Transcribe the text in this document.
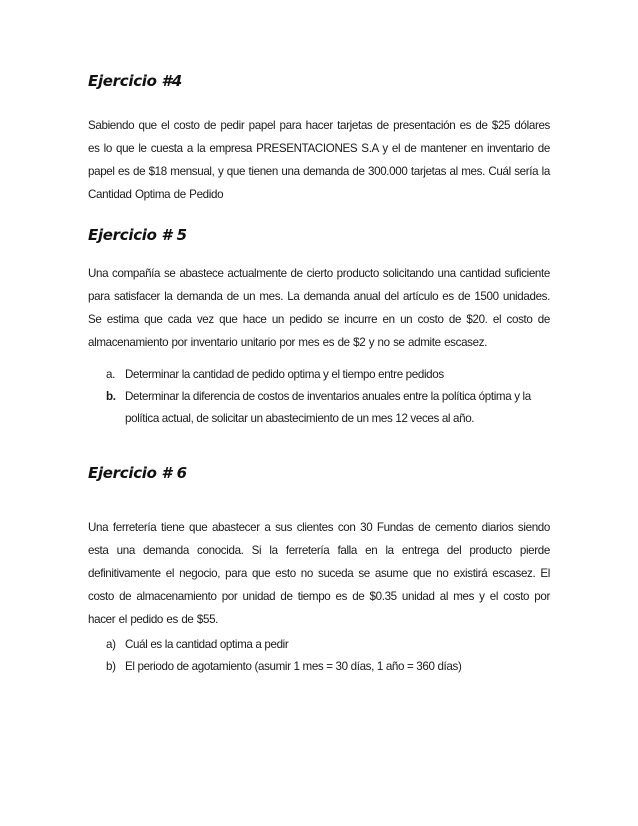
Ejercicio #4

Sabiendo que el costo de pedir papel para hacer tarjetas de presentación es de $25 dólares es lo que le cuesta a la empresa PRESENTACIONES S.A y el de mantener en inventario de papel es de $18 mensual, y que tienen una demanda de 300.000 tarjetas al mes. Cuál sería la Cantidad Optima de Pedido

Ejercicio # 5

Una compañía se abastece actualmente de cierto producto solicitando una cantidad suficiente para satisfacer la demanda de un mes. La demanda anual del artículo es de 1500 unidades. Se estima que cada vez que hace un pedido se incurre en un costo de $20. el costo de almacenamiento por inventario unitario por mes es de $2 y no se admite escasez.

a. Determinar la cantidad de pedido optima y el tiempo entre pedidos
b. Determinar la diferencia de costos de inventarios anuales entre la política óptima y la política actual, de solicitar un abastecimiento de un mes 12 veces al año.
Ejercicio # 6

Una ferretería tiene que abastecer a sus clientes con 30 Fundas de cemento diarios siendo esta una demanda conocida. Si la ferretería falla en la entrega del producto pierde definitivamente el negocio, para que esto no suceda se asume que no existirá escasez. El costo de almacenamiento por unidad de tiempo es de $0.35 unidad al mes y el costo por hacer el pedido es de $55.

a) Cuál es la cantidad optima a pedir
b) El periodo de agotamiento (asumir 1 mes = 30 días, 1 año = 360 días)
